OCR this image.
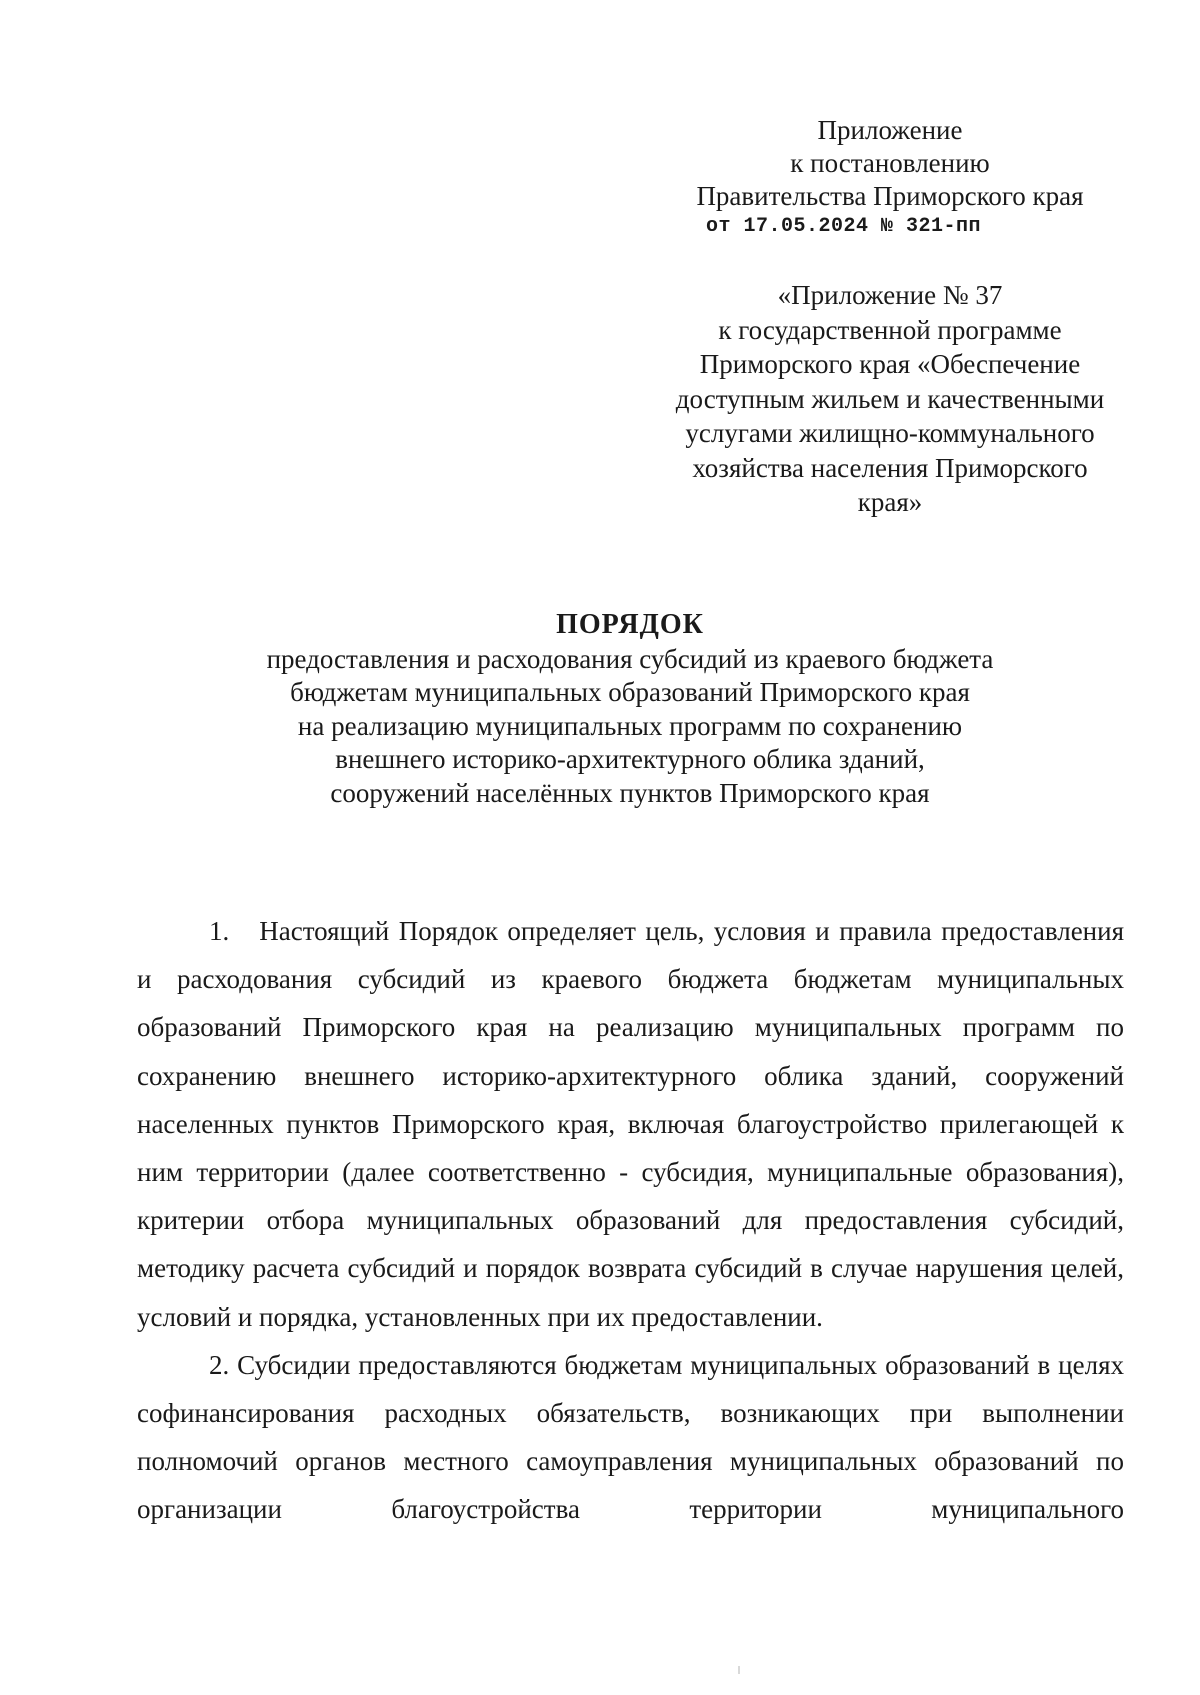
Приложение
к постановлению
Правительства Приморского края
от 17.05.2024 № 321-пп
«Приложение № 37
к государственной программе
Приморского края «Обеспечение
доступным жильем и качественными
услугами жилищно-коммунального
хозяйства населения Приморского
края»
ПОРЯДОК
предоставления и расходования субсидий из краевого бюджета
бюджетам муниципальных образований Приморского края
на реализацию муниципальных программ по сохранению
внешнего историко-архитектурного облика зданий,
сооружений населённых пунктов Приморского края

1. Настоящий Порядок определяет цель, условия и правила предоставления и расходования субсидий из краевого бюджета бюджетам муниципальных образований Приморского края на реализацию муниципальных программ по сохранению внешнего историко-архитектурного облика зданий, сооружений населенных пунктов Приморского края, включая благоустройство прилегающей к ним территории (далее соответственно - субсидия, муниципальные образования), критерии отбора муниципальных образований для предоставления субсидий, методику расчета субсидий и порядок возврата субсидий в случае нарушения целей, условий и порядка, установленных при их предоставлении.

2. Субсидии предоставляются бюджетам муниципальных образований в целях софинансирования расходных обязательств, возникающих при выполнении полномочий органов местного самоуправления муниципальных образований по организации благоустройства территории муниципального
